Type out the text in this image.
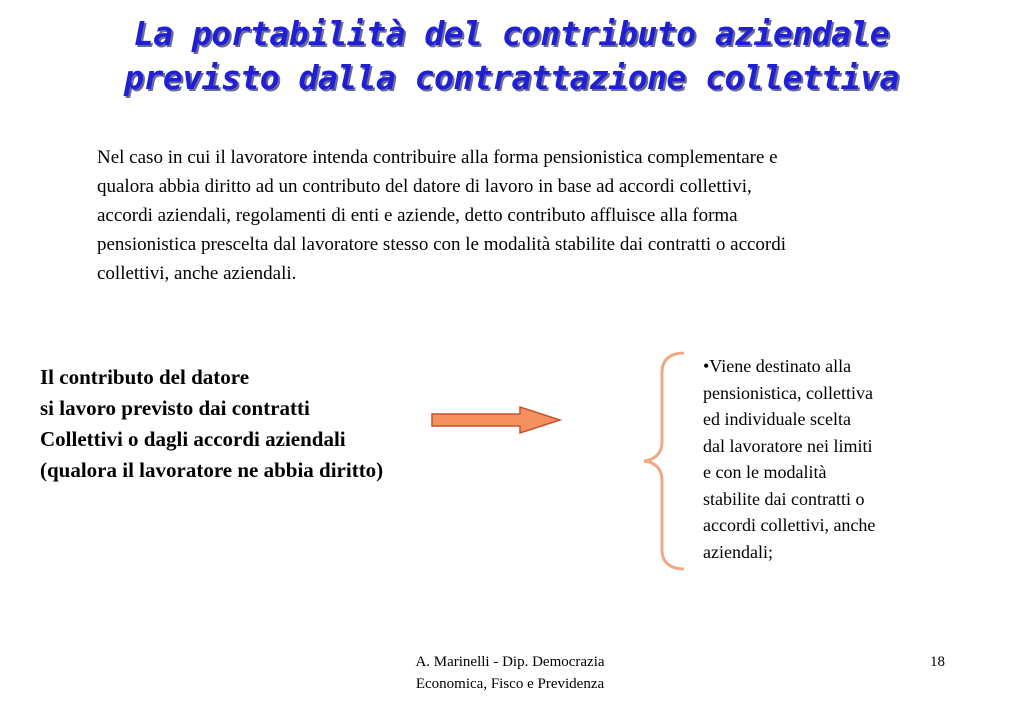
La portabilità del contributo aziendale
previsto dalla contrattazione collettiva
Nel caso in cui il lavoratore intenda contribuire alla forma pensionistica complementare e
qualora abbia diritto ad un contributo del datore di lavoro in base ad accordi collettivi,
accordi aziendali, regolamenti di enti e aziende, detto contributo affluisce alla forma
pensionistica prescelta dal lavoratore stesso con le modalità stabilite dai contratti o accordi
collettivi, anche aziendali.
Il contributo del datore
si lavoro previsto dai contratti
Collettivi o dagli accordi aziendali
(qualora il lavoratore ne abbia diritto)
•Viene destinato alla
pensionistica, collettiva
ed individuale scelta
dal lavoratore nei limiti
e con le modalità
stabilite dai contratti o
accordi collettivi, anche
aziendali;
A. Marinelli - Dip. Democrazia
Economica, Fisco e Previdenza
18
